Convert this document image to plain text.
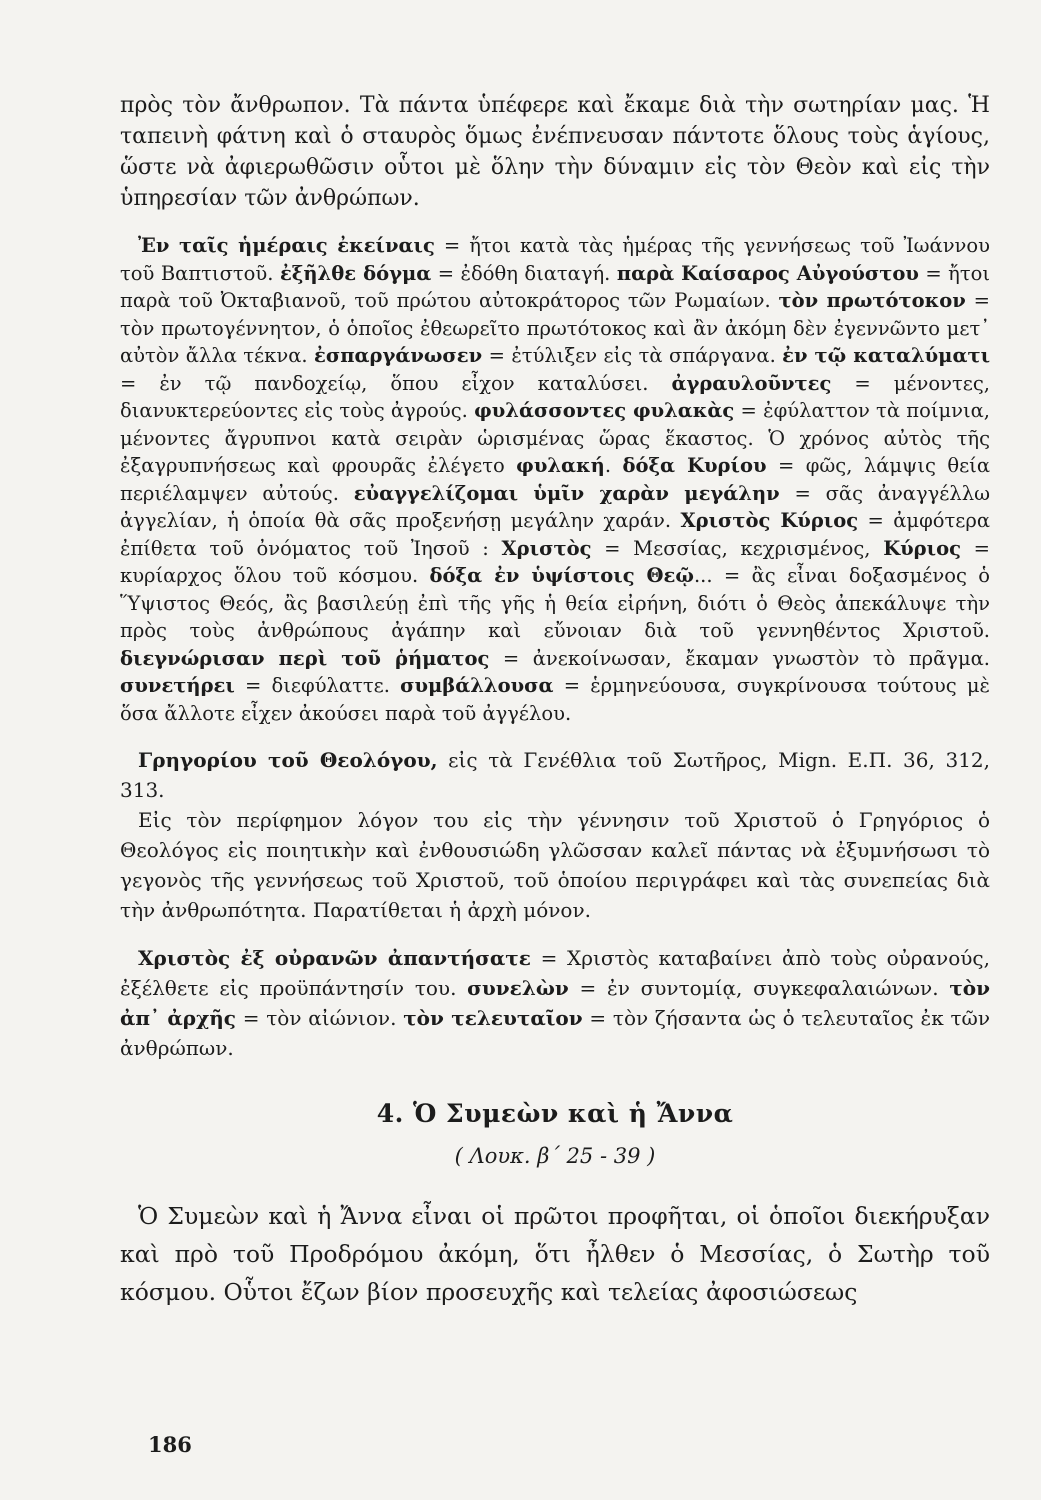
πρὸς τὸν ἄνθρωπον. Τὰ πάντα ὑπέφερε καὶ ἔκαμε διὰ τὴν σωτηρίαν μας. Ἡ ταπεινὴ φάτνη καὶ ὁ σταυρὸς ὅμως ἐνέπνευσαν πάντοτε ὅλους τοὺς ἁγίους, ὥστε νὰ ἀφιερωθῶσιν οὗτοι μὲ ὅλην τὴν δύναμιν εἰς τὸν Θεὸν καὶ εἰς τὴν ὑπηρεσίαν τῶν ἀνθρώπων.

Ἐν ταῖς ἡμέραις ἐκείναις = ἤτοι κατὰ τὰς ἡμέρας τῆς γεννήσεως τοῦ Ἰωάννου τοῦ Βαπτιστοῦ. ἐξῆλθε δόγμα = ἐδόθη διαταγή. παρὰ Καίσαρος Αὐγούστου = ἤτοι παρὰ τοῦ Ὀκταβιανοῦ, τοῦ πρώτου αὐτοκράτορος τῶν Ρωμαίων. τὸν πρωτότοκον = τὸν πρωτογέννητον, ὁ ὁποῖος ἐθεωρεῖτο πρωτότοκος καὶ ἂν ἀκόμη δὲν ἐγεννῶντο μετ᾽ αὐτὸν ἄλλα τέκνα. ἐσπαργάνωσεν = ἐτύλιξεν εἰς τὰ σπάργανα. ἐν τῷ καταλύματι = ἐν τῷ πανδοχείῳ, ὅπου εἶχον καταλύσει. ἀγραυλοῦντες = μένοντες, διανυκτερεύοντες εἰς τοὺς ἀγρούς. φυλάσσοντες φυλακὰς = ἐφύλαττον τὰ ποίμνια, μένοντες ἄγρυπνοι κατὰ σειρὰν ὡρισμένας ὥρας ἕκαστος. Ὁ χρόνος αὐτὸς τῆς ἐξαγρυπνήσεως καὶ φρουρᾶς ἐλέγετο φυλακή. δόξα Κυρίου = φῶς, λάμψις θεία περιέλαμψεν αὐτούς. εὐαγγελίζομαι ὑμῖν χαρὰν μεγάλην = σᾶς ἀναγγέλλω ἀγγελίαν, ἡ ὁποία θὰ σᾶς προξενήσῃ μεγάλην χαράν. Χριστὸς Κύριος = ἀμφότερα ἐπίθετα τοῦ ὀνόματος τοῦ Ἰησοῦ : Χριστὸς = Μεσσίας, κεχρισμένος, Κύριος = κυρίαρχος ὅλου τοῦ κόσμου. δόξα ἐν ὑψίστοις Θεῷ... = ἂς εἶναι δοξασμένος ὁ Ὕψιστος Θεός, ἂς βασιλεύῃ ἐπὶ τῆς γῆς ἡ θεία εἰρήνη, διότι ὁ Θεὸς ἀπεκάλυψε τὴν πρὸς τοὺς ἀνθρώπους ἀγάπην καὶ εὔνοιαν διὰ τοῦ γεννηθέντος Χριστοῦ. διεγνώρισαν περὶ τοῦ ῥήματος = ἀνεκοίνωσαν, ἔκαμαν γνωστὸν τὸ πρᾶγμα. συνετήρει = διεφύλαττε. συμβάλλουσα = ἑρμηνεύουσα, συγκρίνουσα τούτους μὲ ὅσα ἄλλοτε εἶχεν ἀκούσει παρὰ τοῦ ἀγγέλου.

Γρηγορίου τοῦ Θεολόγου, εἰς τὰ Γενέθλια τοῦ Σωτῆρος, Mign. Ε.Π. 36, 312, 313.

Εἰς τὸν περίφημον λόγον του εἰς τὴν γέννησιν τοῦ Χριστοῦ ὁ Γρηγόριος ὁ Θεολόγος εἰς ποιητικὴν καὶ ἐνθουσιώδη γλῶσσαν καλεῖ πάντας νὰ ἐξυμνήσωσι τὸ γεγονὸς τῆς γεννήσεως τοῦ Χριστοῦ, τοῦ ὁποίου περιγράφει καὶ τὰς συνεπείας διὰ τὴν ἀνθρωπότητα. Παρατίθεται ἡ ἀρχὴ μόνον.

Χριστὸς ἐξ οὐρανῶν ἀπαντήσατε = Χριστὸς καταβαίνει ἀπὸ τοὺς οὐρανούς, ἐξέλθετε εἰς προϋπάντησίν του. συνελὼν = ἐν συντομίᾳ, συγκεφαλαιώνων. τὸν ἀπ᾽ ἀρχῆς = τὸν αἰώνιον. τὸν τελευταῖον = τὸν ζήσαντα ὡς ὁ τελευταῖος ἐκ τῶν ἀνθρώπων.

4. Ὁ Συμεὼν καὶ ἡ Ἄννα

( Λουκ. β΄ 25 - 39 )

Ὁ Συμεὼν καὶ ἡ Ἄννα εἶναι οἱ πρῶτοι προφῆται, οἱ ὁποῖοι διεκήρυξαν καὶ πρὸ τοῦ Προδρόμου ἀκόμη, ὅτι ἦλθεν ὁ Μεσσίας, ὁ Σωτὴρ τοῦ κόσμου. Οὗτοι ἔζων βίον προσευχῆς καὶ τελείας ἀφοσιώσεως

186
